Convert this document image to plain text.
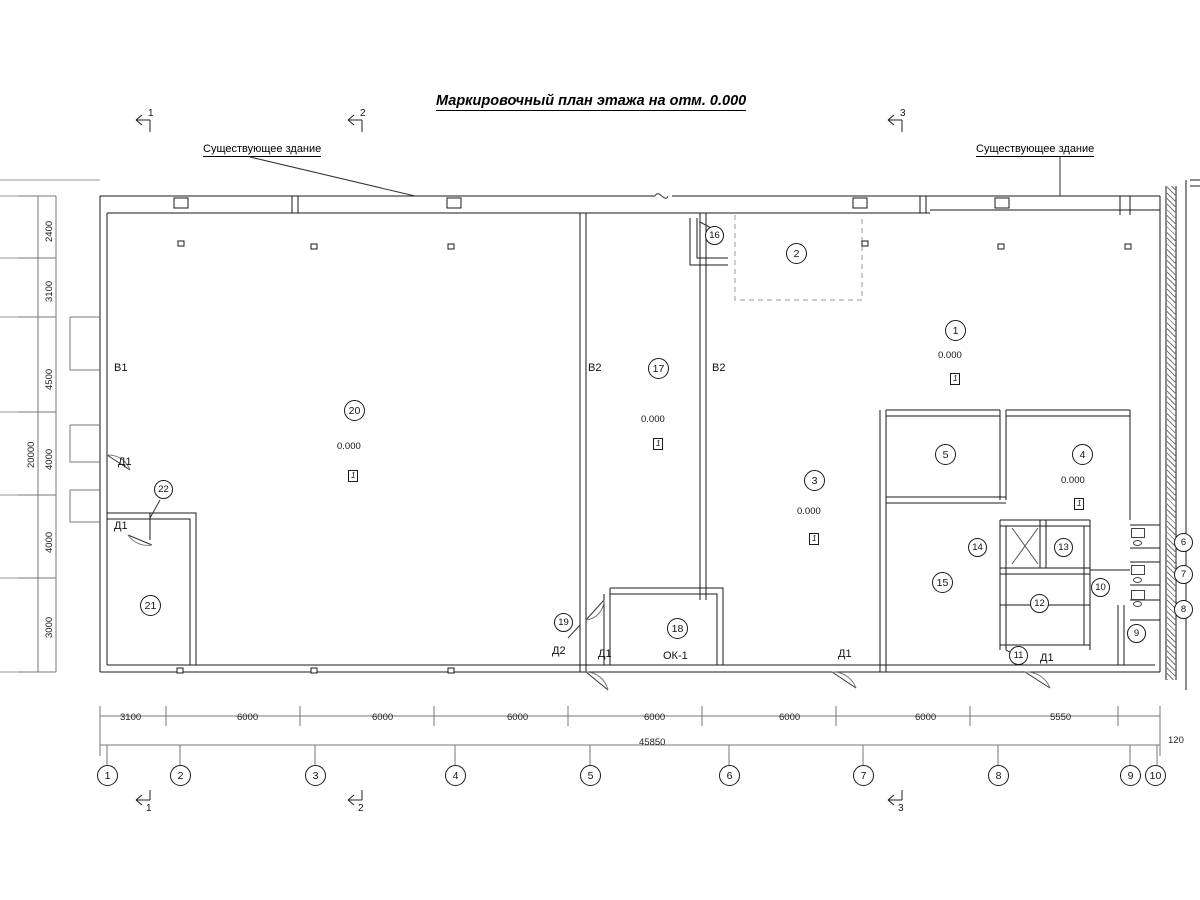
Маркировочный план этажа на отм. 0.000
Существующее здание	Существующее здание
1	2	3
1	2	3
В1	В2	В2
Д1
Д1
Д2	Д1	Д1	Д1
ОК-1
20
0.000
1
17
0.000
1
3
0.000
1
1
0.000
1
4
0.000
1
2
5
6
7
8
9
10
11
12
13
14
15
16
18
19
21
22
3100	6000	6000	6000	6000	6000	6000	5550
120
45850
2400
3100
4500
4000
4000
3000
20000
1	2	3	4	5	6	7	8	9	10
